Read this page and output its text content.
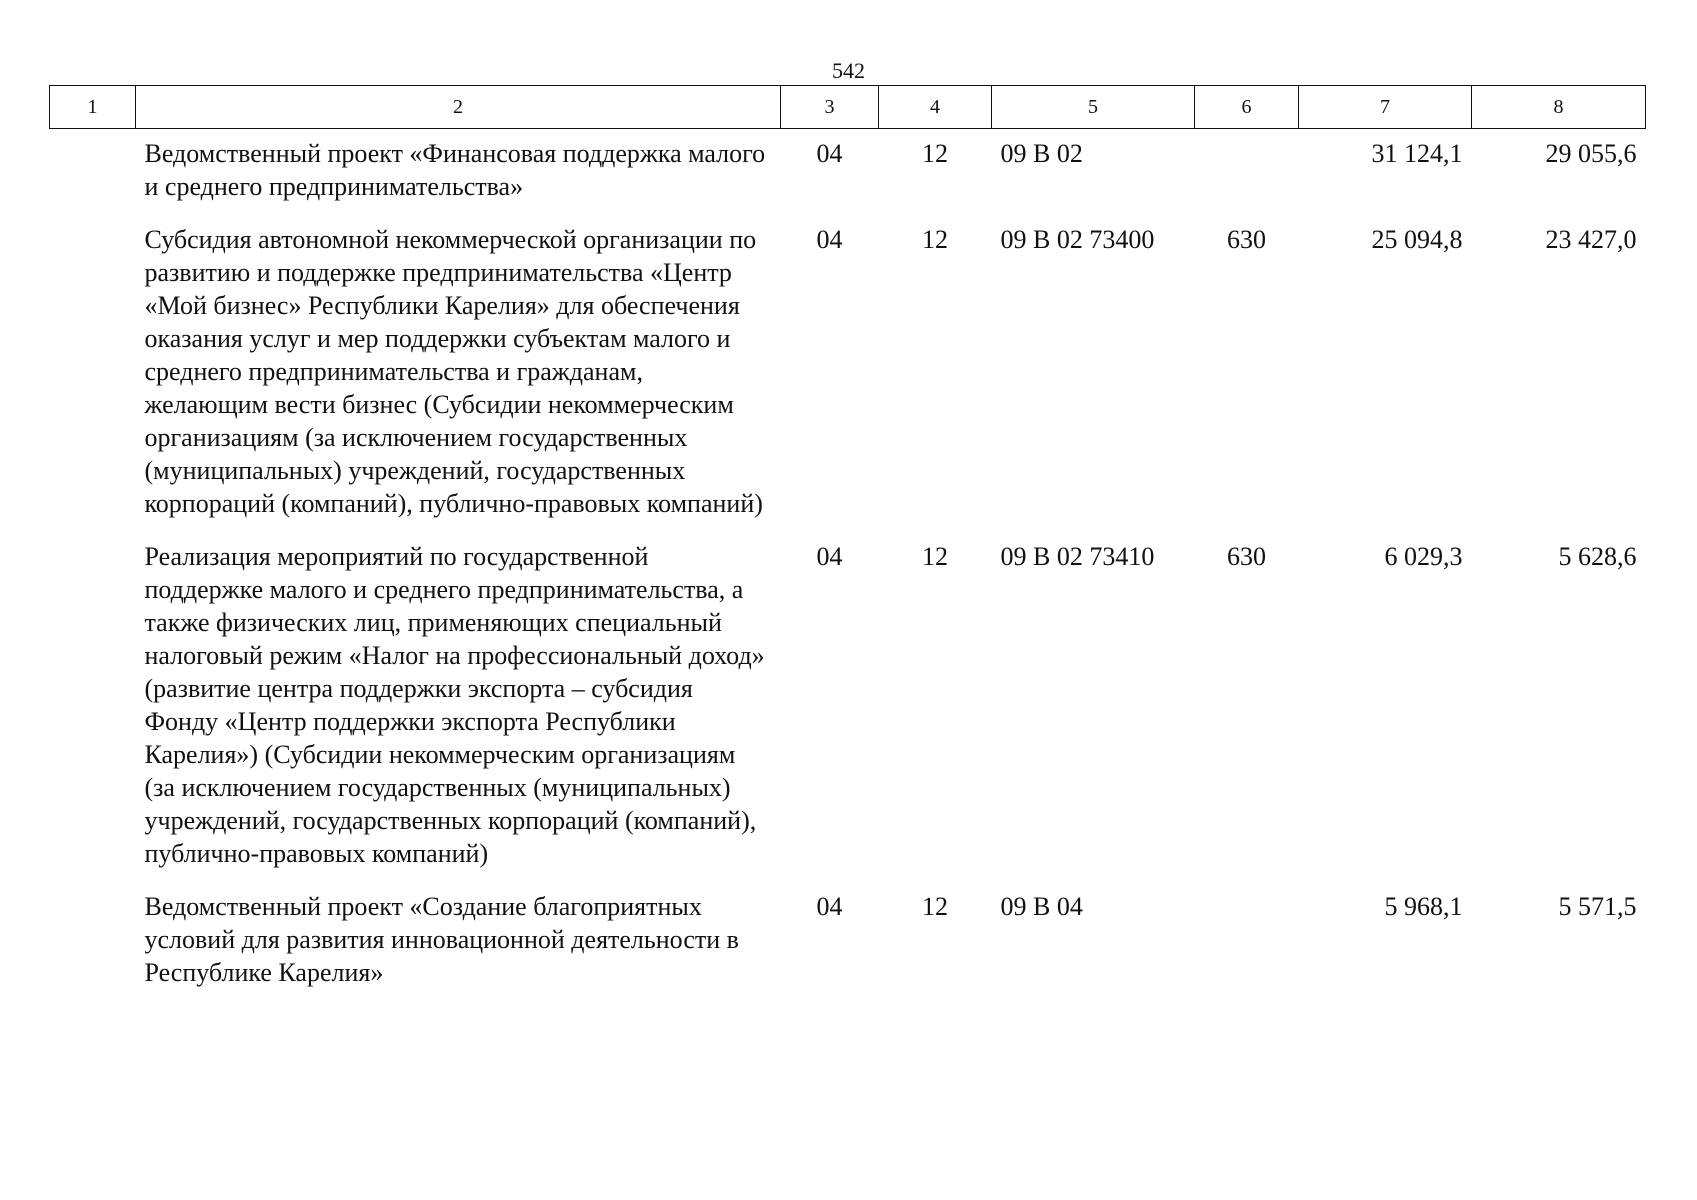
542
1	2	3	4	5	6	7	8
	Ведомственный проект «Финансовая поддержка малого и среднего предпринимательства»	04	12	09 В 02		31 124,1	29 055,6
	Субсидия автономной некоммерческой организации по развитию и поддержке предпринимательства «Центр «Мой бизнес» Республики Карелия» для обеспечения оказания услуг и мер поддержки субъектам малого и среднего предпринимательства и гражданам, желающим вести бизнес (Субсидии некоммерческим организациям (за исключением государственных (муниципальных) учреждений, государственных корпораций (компаний), публично-правовых компаний)	04	12	09 В 02 73400	630	25 094,8	23 427,0
	Реализация мероприятий по государственной поддержке малого и среднего предпринимательства, а также физических лиц, применяющих специальный налоговый режим «Налог на профессиональный доход» (развитие центра поддержки экспорта – субсидия Фонду «Центр поддержки экспорта Республики Карелия») (Субсидии некоммерческим организациям (за исключением государственных (муниципальных) учреждений, государственных корпораций (компаний), публично-правовых компаний)	04	12	09 В 02 73410	630	6 029,3	5 628,6
	Ведомственный проект «Создание благоприятных условий для развития инновационной деятельности в Республике Карелия»	04	12	09 В 04		5 968,1	5 571,5
